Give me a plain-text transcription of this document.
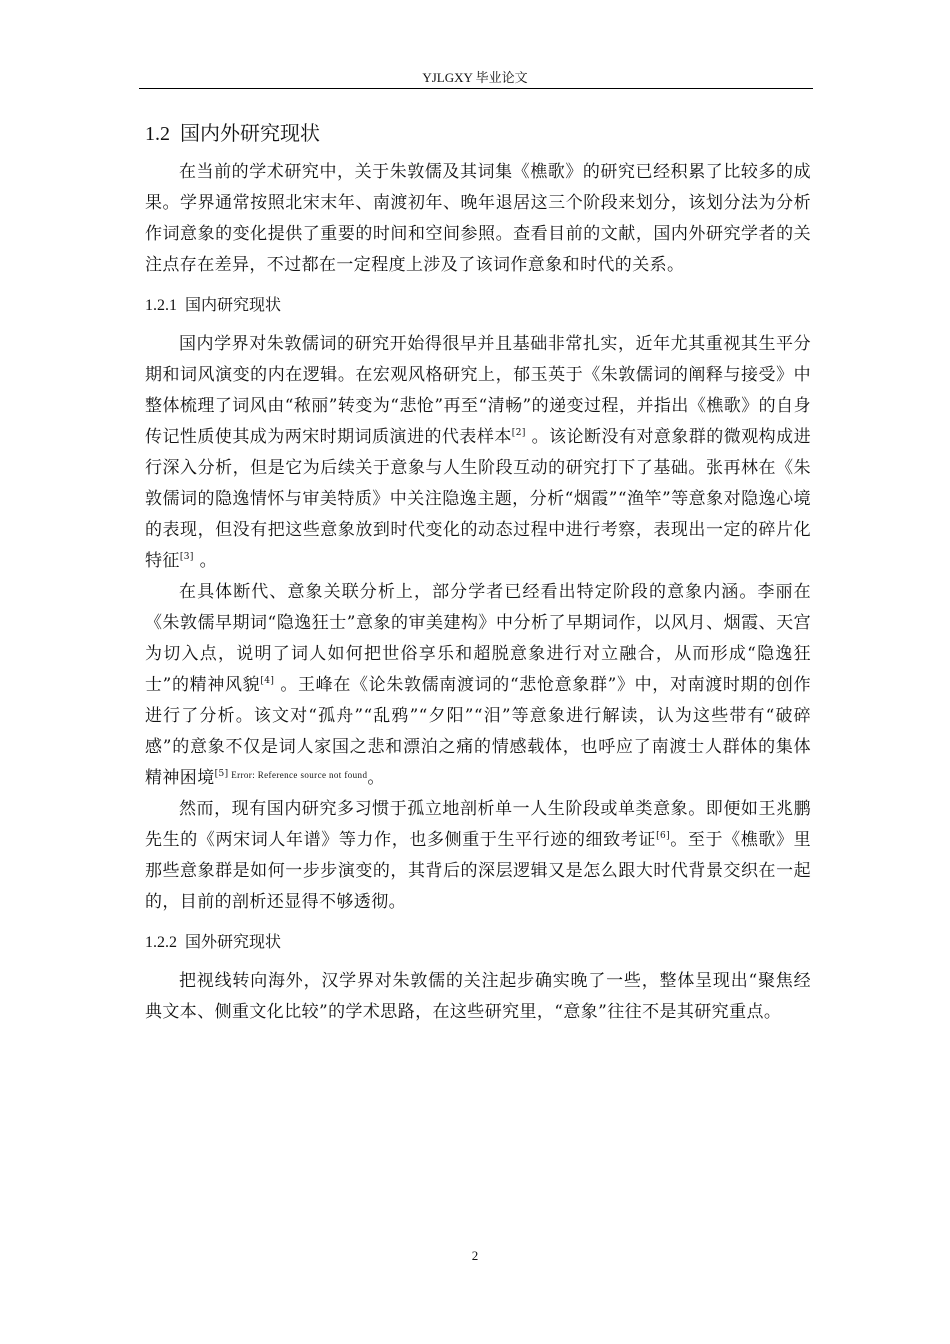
YJLGXY 毕业论文
1.2 国内外研究现状

在当前的学术研究中，关于朱敦儒及其词集《樵歌》的研究已经积累了比较多的成果。学界通常按照北宋末年、南渡初年、晚年退居这三个阶段来划分，该划分法为分析作词意象的变化提供了重要的时间和空间参照。查看目前的文献，国内外研究学者的关注点存在差异，不过都在一定程度上涉及了该词作意象和时代的关系。

1.2.1 国内研究现状

国内学界对朱敦儒词的研究开始得很早并且基础非常扎实，近年尤其重视其生平分期和词风演变的内在逻辑。在宏观风格研究上，郁玉英于《朱敦儒词的阐释与接受》中整体梳理了词风由“秾丽”转变为“悲怆”再至“清畅”的递变过程，并指出《樵歌》的自身传记性质使其成为两宋时期词质演进的代表样本[2] 。该论断没有对意象群的微观构成进行深入分析，但是它为后续关于意象与人生阶段互动的研究打下了基础。张再林在《朱敦儒词的隐逸情怀与审美特质》中关注隐逸主题，分析“烟霞”“渔竿”等意象对隐逸心境的表现，但没有把这些意象放到时代变化的动态过程中进行考察，表现出一定的碎片化特征[3] 。

在具体断代、意象关联分析上，部分学者已经看出特定阶段的意象内涵。李丽在《朱敦儒早期词“隐逸狂士”意象的审美建构》中分析了早期词作，以风月、烟霞、天宫为切入点，说明了词人如何把世俗享乐和超脱意象进行对立融合，从而形成“隐逸狂士”的精神风貌[4] 。王峰在《论朱敦儒南渡词的“悲怆意象群”》中，对南渡时期的创作进行了分析。该文对“孤舟”“乱鸦”“夕阳”“泪”等意象进行解读，认为这些带有“破碎感”的意象不仅是词人家国之悲和漂泊之痛的情感载体，也呼应了南渡士人群体的集体精神困境[5] $^{Error: Reference source not found}$。

然而，现有国内研究多习惯于孤立地剖析单一人生阶段或单类意象。即便如王兆鹏先生的《两宋词人年谱》等力作，也多侧重于生平行迹的细致考证[6]。至于《樵歌》里那些意象群是如何一步步演变的，其背后的深层逻辑又是怎么跟大时代背景交织在一起的，目前的剖析还显得不够透彻。

1.2.2 国外研究现状

把视线转向海外，汉学界对朱敦儒的关注起步确实晚了一些，整体呈现出“聚焦经典文本、侧重文化比较”的学术思路，在这些研究里，“意象”往往不是其研究重点。

2
